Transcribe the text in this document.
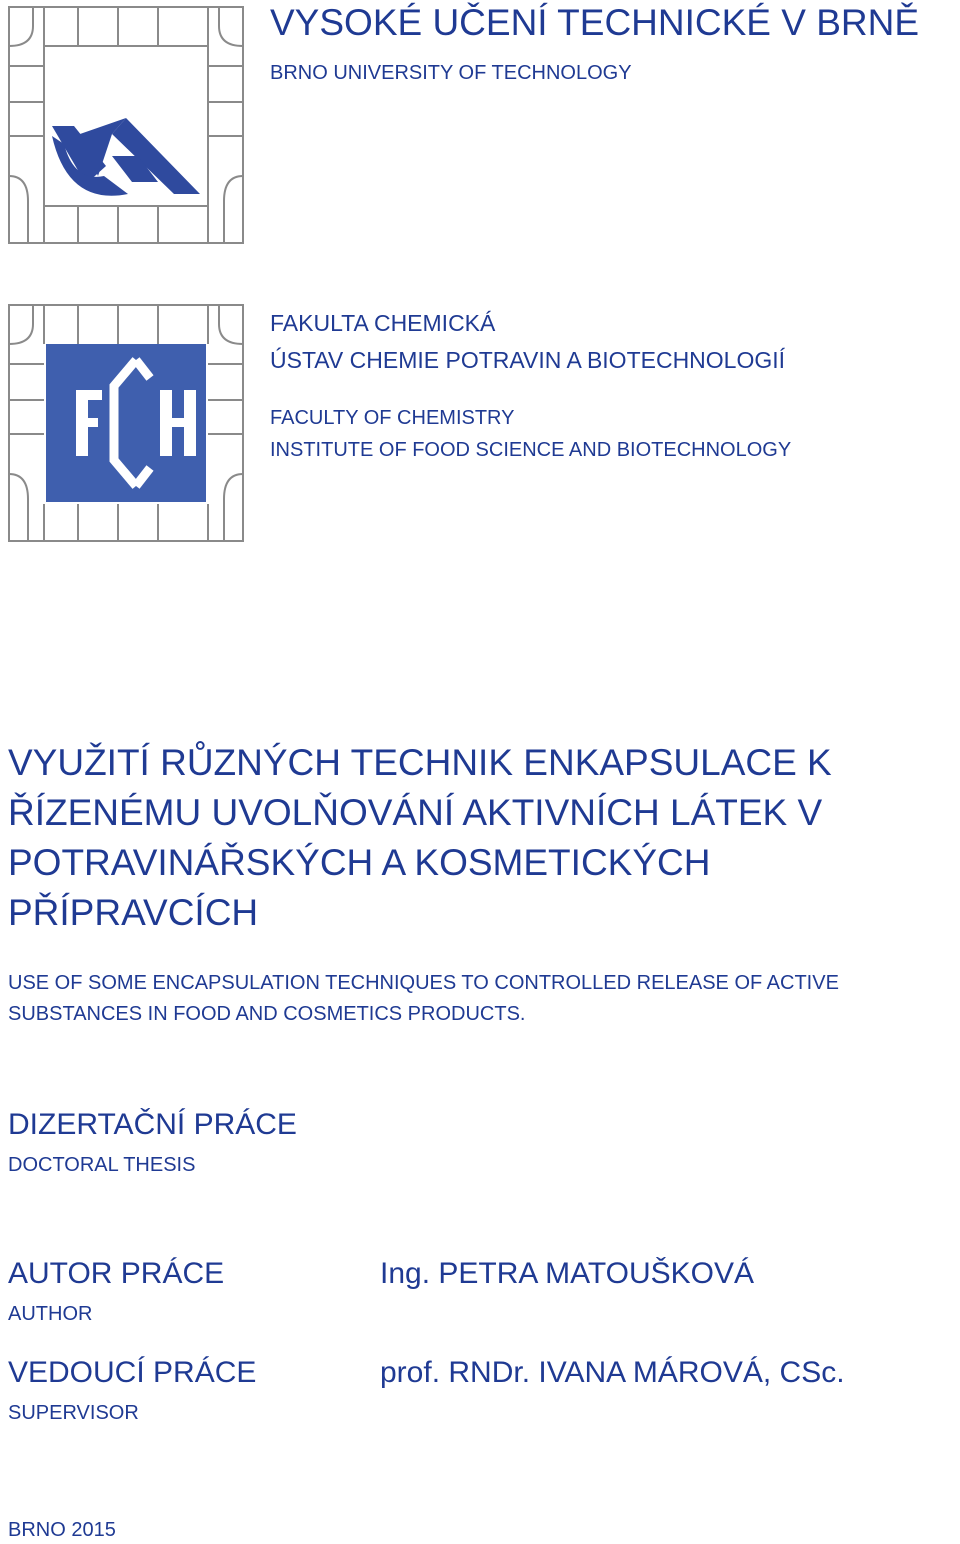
VYSOKÉ UČENÍ TECHNICKÉ V BRNĚ
BRNO UNIVERSITY OF TECHNOLOGY
FAKULTA CHEMICKÁ
ÚSTAV CHEMIE POTRAVIN A BIOTECHNOLOGIÍ
FACULTY OF CHEMISTRY
INSTITUTE OF FOOD SCIENCE AND BIOTECHNOLOGY
VYUŽITÍ RŮZNÝCH TECHNIK ENKAPSULACE K
ŘÍZENÉMU UVOLŇOVÁNÍ AKTIVNÍCH LÁTEK V
POTRAVINÁŘSKÝCH A KOSMETICKÝCH
PŘÍPRAVCÍCH
USE OF SOME ENCAPSULATION TECHNIQUES TO CONTROLLED RELEASE OF ACTIVE
SUBSTANCES IN FOOD AND COSMETICS PRODUCTS.
DIZERTAČNÍ PRÁCE
DOCTORAL THESIS
AUTOR PRÁCE
AUTHOR
Ing. PETRA MATOUŠKOVÁ
VEDOUCÍ PRÁCE
SUPERVISOR
prof. RNDr. IVANA MÁROVÁ, CSc.
BRNO 2015
